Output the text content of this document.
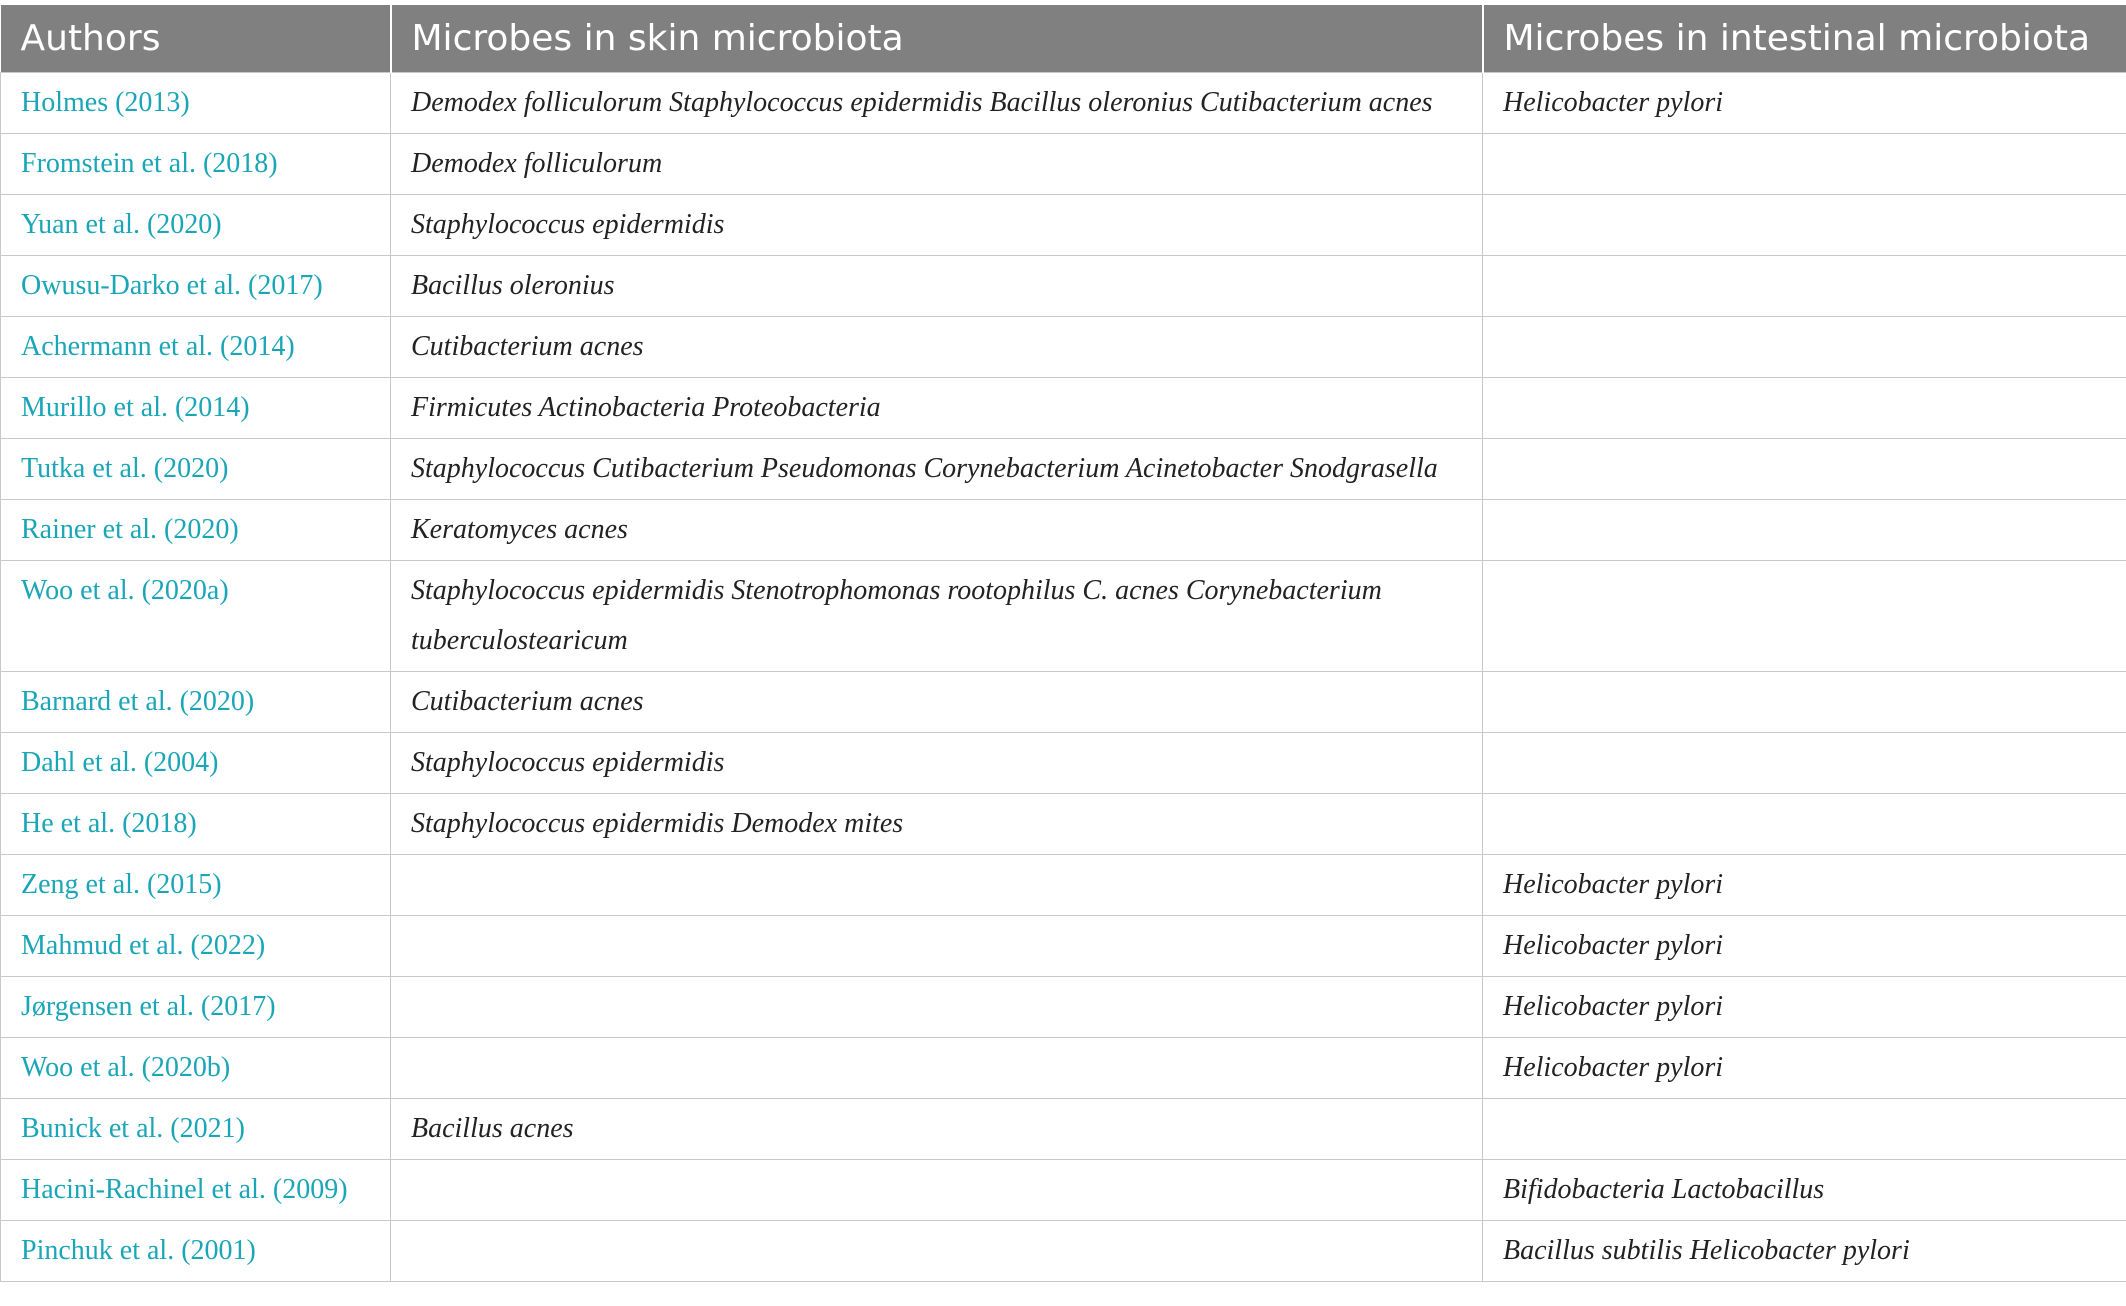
Authors	Microbes in skin microbiota	Microbes in intestinal microbiota
Holmes (2013)	Demodex folliculorum Staphylococcus epidermidis Bacillus oleronius Cutibacterium acnes	Helicobacter pylori
Fromstein et al. (2018)	Demodex folliculorum	
Yuan et al. (2020)	Staphylococcus epidermidis	
Owusu-Darko et al. (2017)	Bacillus oleronius	
Achermann et al. (2014)	Cutibacterium acnes	
Murillo et al. (2014)	Firmicutes Actinobacteria Proteobacteria	
Tutka et al. (2020)	Staphylococcus Cutibacterium Pseudomonas Corynebacterium Acinetobacter Snodgrasella	
Rainer et al. (2020)	Keratomyces acnes	
Woo et al. (2020a)	Staphylococcus epidermidis Stenotrophomonas rootophilus C. acnes Corynebacterium tuberculostearicum	
Barnard et al. (2020)	Cutibacterium acnes	
Dahl et al. (2004)	Staphylococcus epidermidis	
He et al. (2018)	Staphylococcus epidermidis Demodex mites	
Zeng et al. (2015)		Helicobacter pylori
Mahmud et al. (2022)		Helicobacter pylori
Jørgensen et al. (2017)		Helicobacter pylori
Woo et al. (2020b)		Helicobacter pylori
Bunick et al. (2021)	Bacillus acnes	
Hacini-Rachinel et al. (2009)		Bifidobacteria Lactobacillus
Pinchuk et al. (2001)		Bacillus subtilis Helicobacter pylori
